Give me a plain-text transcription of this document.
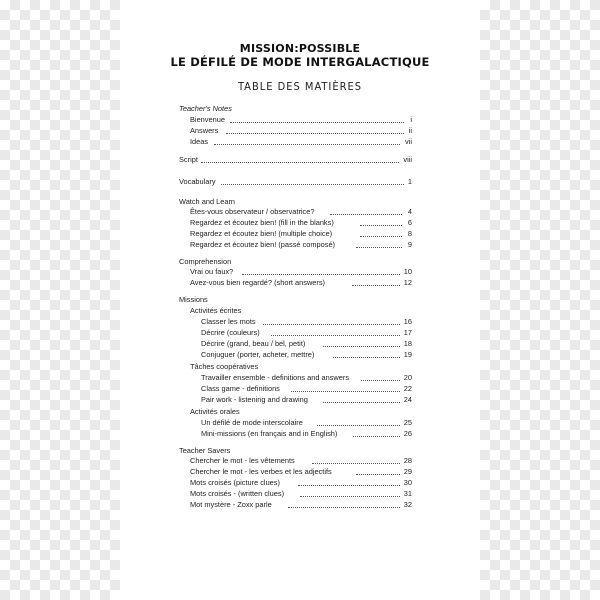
MISSION:POSSIBLE
LE DÉFILÉ DE MODE INTERGALACTIQUE
TABLE DES MATIÈRES
Teacher's Notes
Bienvenue	i
Answers	ii
Ideas	vii
Script	viii
Vocabulary	1
Watch and Learn
Êtes-vous observateur / observatrice?	4
Regardez et écoutez bien! (fill in the blanks)	6
Regardez et écoutez bien! (multiple choice)	8
Regardez et écoutez bien! (passé composé)	9
Comprehension
Vrai ou faux?	10
Avez-vous bien regardé? (short answers)	12
Missions
Activités écrites
Classer les mots	16
Décrire (couleurs)	17
Décrire (grand, beau / bel, petit)	18
Conjuguer (porter, acheter, mettre)	19
Tâches coopératives
Travailler ensemble - definitions and answers	20
Class game - definitions	22
Pair work - listening and drawing	24
Activités orales
Un défilé de mode interscolaire	25
Mini-missions (en français and in English)	26
Teacher Savers
Chercher le mot - les vêtements	28
Chercher le mot - les verbes et les adjectifs	29
Mots croisés (picture clues)	30
Mots croisés - (written clues)	31
Mot mystère - Zoxx parle	32
